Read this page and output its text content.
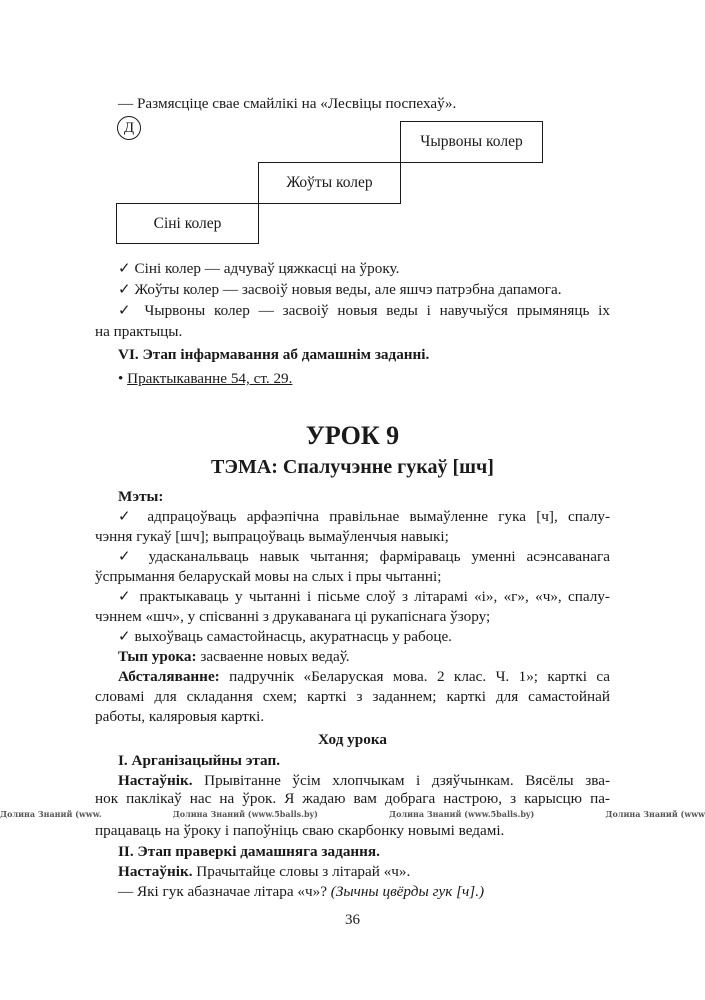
— Размясціце свае смайлікі на «Лесвіцы поспехаў».
Д
Сіні колер
Жоўты колер
Чырвоны колер
✓ Сіні колер — адчуваў цяжкасці на ўроку.
✓ Жоўты колер — засвоіў новыя веды, але яшчэ патрэбна дапамога.
✓ Чырвоны колер — засвоіў новыя веды і навучыўся прымяняць іх
на практыцы.
VI. Этап інфармавання аб дамашнім заданні.
• Практыкаванне 54, ст. 29.
УРОК 9
ТЭМА: Спалучэнне гукаў [шч]
Мэты:
✓ адпрацоўваць арфаэпічна правільнае вымаўленне гука [ч], спалу-
чэння гукаў [шч]; выпрацоўваць вымаўленчыя навыкі;
✓ удасканальваць навык чытання; фарміраваць уменні асэнсаванага
ўспрымання беларускай мовы на слых і пры чытанні;
✓ практыкаваць у чытанні і пісьме слоў з літарамі «і», «г», «ч», спалу-
чэннем «шч», у спісванні з друкаванага ці рукапіснага ўзору;
✓ выхоўваць самастойнасць, акуратнасць у рабоце.
Тып урока: засваенне новых ведаў.
Абсталяванне: падручнік «Беларуская мова. 2 клас. Ч. 1»; карткі са
словамі для складання схем; карткі з заданнем; карткі для самастойнай
работы, каляровыя карткі.
Ход урока
I. Арганізацыйны этап.
Настаўнік. Прывітанне ўсім хлопчыкам і дзяўчынкам. Вясёлы зва-
нок паклікаў нас на ўрок. Я жадаю вам добрага настрою, з карысцю па-
Долина Знаний (www.	Долина Знаний (www.5balls.by)	Долина Знаний (www.5balls.by)	Долина Знаний (www
працаваць на ўроку і папоўніць сваю скарбонку новымі ведамі.
II. Этап праверкі дамашняга задання.
Настаўнік. Прачытайце словы з літарай «ч».
— Які гук абазначае літара «ч»? (Зычны цвёрды гук [ч].)
36
